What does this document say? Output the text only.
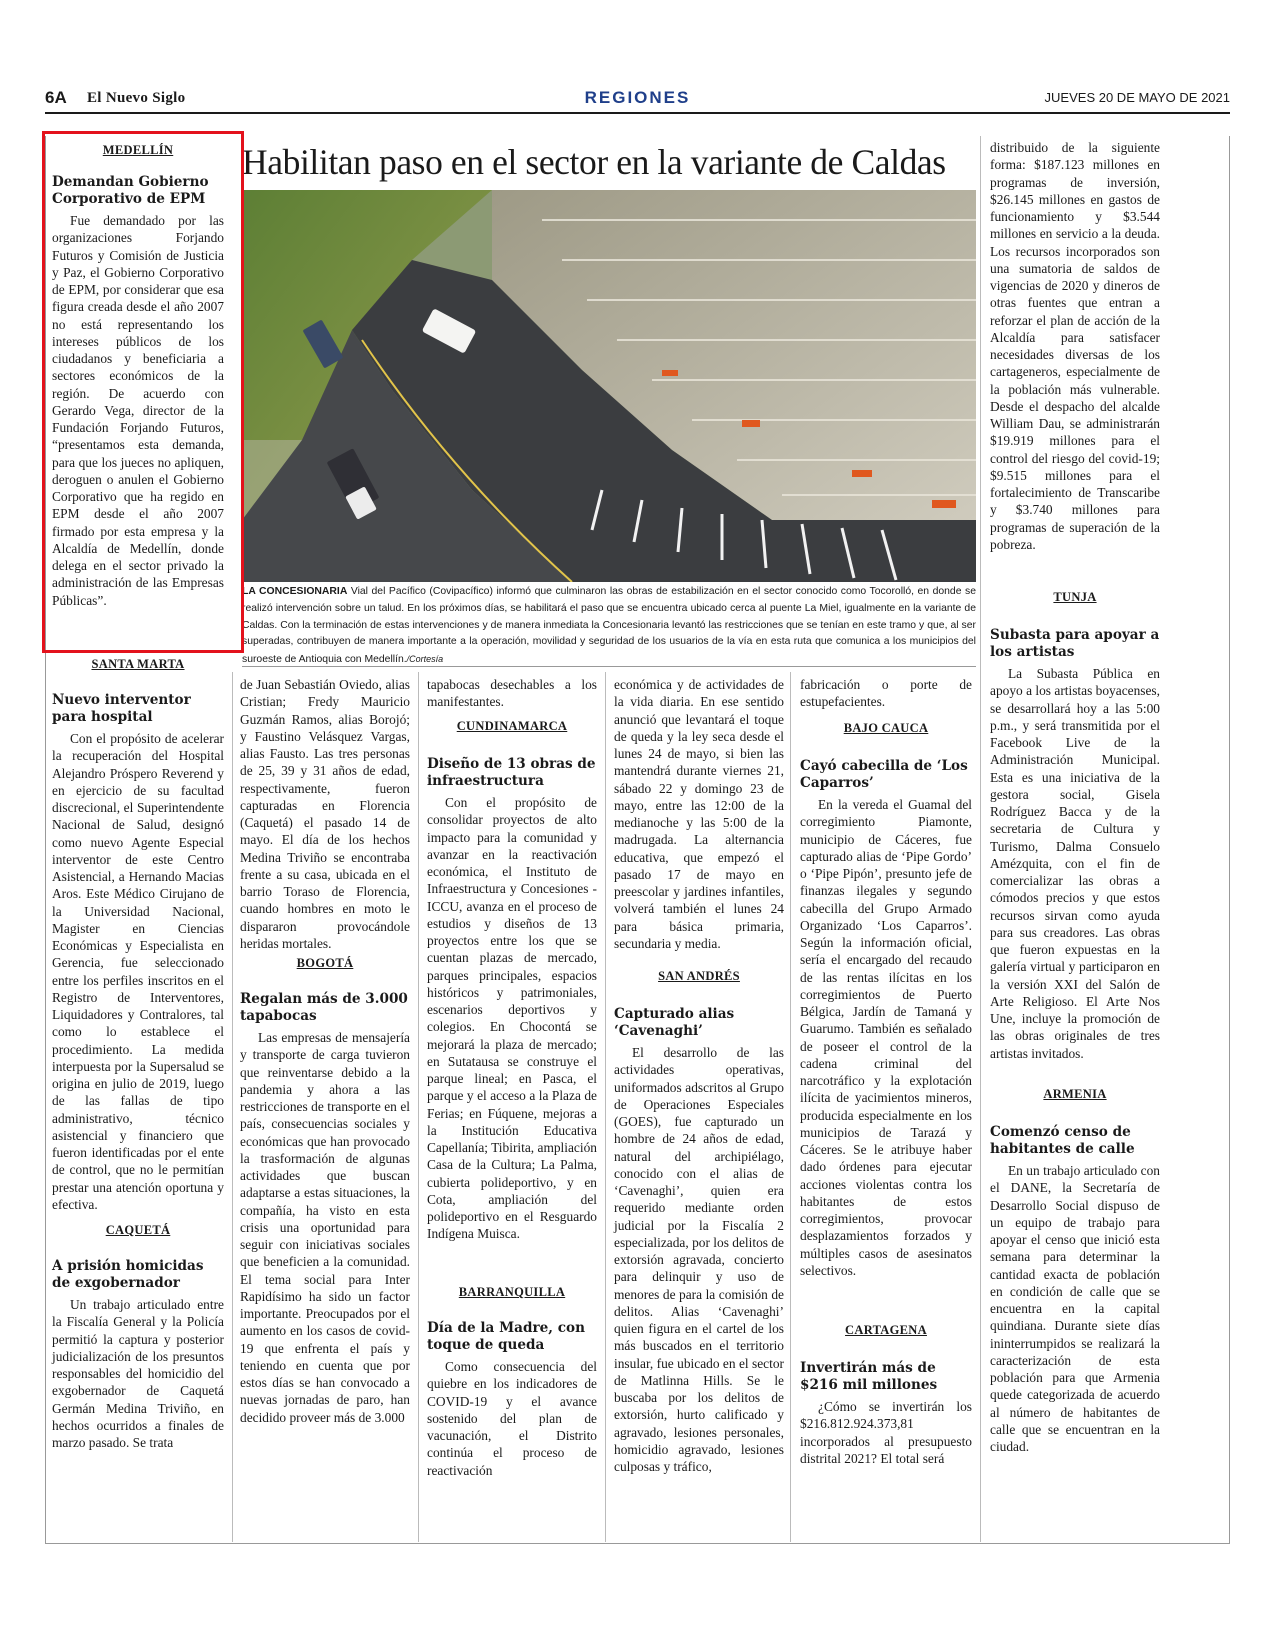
6A El Nuevo Siglo	REGIONES	JUEVES 20 DE MAYO DE 2021
Habilitan paso en el sector en la variante de Caldas
LA CONCESIONARIA Vial del Pacífico (Covipacífico) informó que culminaron las obras de estabilización en el sector conocido como Tocorolló, en donde se realizó intervención sobre un talud. En los próximos días, se habilitará el paso que se encuentra ubicado cerca al puente La Miel, igualmente en la variante de Caldas. Con la terminación de estas intervenciones y de manera inmediata la Concesionaria levantó las restricciones que se tenían en este tramo y que, al ser superadas, contribuyen de manera importante a la operación, movilidad y seguridad de los usuarios de la vía en esta ruta que comunica a los municipios del suroeste de Antioquia con Medellín./Cortesía
MEDELLÍN
Demandan Gobierno Corporativo de EPM
Fue demandado por las organizaciones Forjando Futuros y Comisión de Justicia y Paz, el Gobierno Corporativo de EPM, por considerar que esa figura creada desde el año 2007 no está representando los intereses públicos de los ciudadanos y beneficiaria a sectores económicos de la región. De acuerdo con Gerardo Vega, director de la Fundación Forjando Futuros, “presentamos esta demanda, para que los jueces no apliquen, deroguen o anulen el Gobierno Corporativo que ha regido en EPM desde el año 2007 firmado por esta empresa y la Alcaldía de Medellín, donde delega en el sector privado la administración de las Empresas Públicas”.
SANTA MARTA
Nuevo interventor para hospital
Con el propósito de acelerar la recuperación del Hospital Alejandro Próspero Reverend y en ejercicio de su facultad discrecional, el Superintendente Nacional de Salud, designó como nuevo Agente Especial interventor de este Centro Asistencial, a Hernando Macias Aros. Este Médico Cirujano de la Universidad Nacional, Magister en Ciencias Económicas y Especialista en Gerencia, fue seleccionado entre los perfiles inscritos en el Registro de Interventores, Liquidadores y Contralores, tal como lo establece el procedimiento. La medida interpuesta por la Supersalud se origina en julio de 2019, luego de las fallas de tipo administrativo, técnico asistencial y financiero que fueron identificadas por el ente de control, que no le permitían prestar una atención oportuna y efectiva.
CAQUETÁ
A prisión homicidas de exgobernador
Un trabajo articulado entre la Fiscalía General y la Policía permitió la captura y posterior judicialización de los presuntos responsables del homicidio del exgobernador de Caquetá Germán Medina Triviño, en hechos ocurridos a finales de marzo pasado. Se trata
de Juan Sebastián Oviedo, alias Cristian; Fredy Mauricio Guzmán Ramos, alias Borojó; y Faustino Velásquez Vargas, alias Fausto. Las tres personas de 25, 39 y 31 años de edad, respectivamente, fueron capturadas en Florencia (Caquetá) el pasado 14 de mayo. El día de los hechos Medina Triviño se encontraba frente a su casa, ubicada en el barrio Toraso de Florencia, cuando hombres en moto le dispararon provocándole heridas mortales.
BOGOTÁ
Regalan más de 3.000 tapabocas
Las empresas de mensajería y transporte de carga tuvieron que reinventarse debido a la pandemia y ahora a las restricciones de transporte en el país, consecuencias sociales y económicas que han provocado la trasformación de algunas actividades que buscan adaptarse a estas situaciones, la compañía, ha visto en esta crisis una oportunidad para seguir con iniciativas sociales que beneficien a la comunidad. El tema social para Inter Rapidísimo ha sido un factor importante. Preocupados por el aumento en los casos de covid-19 que enfrenta el país y teniendo en cuenta que por estos días se han convocado a nuevas jornadas de paro, han decidido proveer más de 3.000
tapabocas desechables a los manifestantes.
CUNDINAMARCA
Diseño de 13 obras de infraestructura
Con el propósito de consolidar proyectos de alto impacto para la comunidad y avanzar en la reactivación económica, el Instituto de Infraestructura y Concesiones - ICCU, avanza en el proceso de estudios y diseños de 13 proyectos entre los que se cuentan plazas de mercado, parques principales, espacios históricos y patrimoniales, escenarios deportivos y colegios. En Chocontá se mejorará la plaza de mercado; en Sutatausa se construye el parque lineal; en Pasca, el parque y el acceso a la Plaza de Ferias; en Fúquene, mejoras a la Institución Educativa Capellanía; Tibirita, ampliación Casa de la Cultura; La Palma, cubierta polideportivo, y en Cota, ampliación del polideportivo en el Resguardo Indígena Muisca.
BARRANQUILLA
Día de la Madre, con toque de queda
Como consecuencia del quiebre en los indicadores de COVID-19 y el avance sostenido del plan de vacunación, el Distrito continúa el proceso de reactivación
económica y de actividades de la vida diaria. En ese sentido anunció que levantará el toque de queda y la ley seca desde el lunes 24 de mayo, si bien las mantendrá durante viernes 21, sábado 22 y domingo 23 de mayo, entre las 12:00 de la medianoche y las 5:00 de la madrugada. La alternancia educativa, que empezó el pasado 17 de mayo en preescolar y jardines infantiles, volverá también el lunes 24 para básica primaria, secundaria y media.
SAN ANDRÉS
Capturado alias ‘Cavenaghi’
El desarrollo de las actividades operativas, uniformados adscritos al Grupo de Operaciones Especiales (GOES), fue capturado un hombre de 24 años de edad, natural del archipiélago, conocido con el alias de ‘Cavenaghi’, quien era requerido mediante orden judicial por la Fiscalía 2 especializada, por los delitos de extorsión agravada, concierto para delinquir y uso de menores de para la comisión de delitos. Alias ‘Cavenaghi’ quien figura en el cartel de los más buscados en el territorio insular, fue ubicado en el sector de Matlinna Hills. Se le buscaba por los delitos de extorsión, hurto calificado y agravado, lesiones personales, homicidio agravado, lesiones culposas y tráfico,
fabricación o porte de estupefacientes.
BAJO CAUCA
Cayó cabecilla de ‘Los Caparros’
En la vereda el Guamal del corregimiento Piamonte, municipio de Cáceres, fue capturado alias de ‘Pipe Gordo’ o ‘Pipe Pipón’, presunto jefe de finanzas ilegales y segundo cabecilla del Grupo Armado Organizado ‘Los Caparros’. Según la información oficial, sería el encargado del recaudo de las rentas ilícitas en los corregimientos de Puerto Bélgica, Jardín de Tamaná y Guarumo. También es señalado de poseer el control de la cadena criminal del narcotráfico y la explotación ilícita de yacimientos mineros, producida especialmente en los municipios de Tarazá y Cáceres. Se le atribuye haber dado órdenes para ejecutar acciones violentas contra los habitantes de estos corregimientos, provocar desplazamientos forzados y múltiples casos de asesinatos selectivos.
CARTAGENA
Invertirán más de $216 mil millones
¿Cómo se invertirán los $216.812.924.373,81 incorporados al presupuesto distrital 2021? El total será
distribuido de la siguiente forma: $187.123 millones en programas de inversión, $26.145 millones en gastos de funcionamiento y $3.544 millones en servicio a la deuda. Los recursos incorporados son una sumatoria de saldos de vigencias de 2020 y dineros de otras fuentes que entran a reforzar el plan de acción de la Alcaldía para satisfacer necesidades diversas de los cartageneros, especialmente de la población más vulnerable. Desde el despacho del alcalde William Dau, se administrarán $19.919 millones para el control del riesgo del covid-19; $9.515 millones para el fortalecimiento de Transcaribe y $3.740 millones para programas de superación de la pobreza.
TUNJA
Subasta para apoyar a los artistas
La Subasta Pública en apoyo a los artistas boyacenses, se desarrollará hoy a las 5:00 p.m., y será transmitida por el Facebook Live de la Administración Municipal. Esta es una iniciativa de la gestora social, Gisela Rodríguez Bacca y de la secretaria de Cultura y Turismo, Dalma Consuelo Amézquita, con el fin de comercializar las obras a cómodos precios y que estos recursos sirvan como ayuda para sus creadores. Las obras que fueron expuestas en la galería virtual y participaron en la versión XXI del Salón de Arte Religioso. El Arte Nos Une, incluye la promoción de las obras originales de tres artistas invitados.
ARMENIA
Comenzó censo de habitantes de calle
En un trabajo articulado con el DANE, la Secretaría de Desarrollo Social dispuso de un equipo de trabajo para apoyar el censo que inició esta semana para determinar la cantidad exacta de población en condición de calle que se encuentra en la capital quindiana. Durante siete días ininterrumpidos se realizará la caracterización de esta población para que Armenia quede categorizada de acuerdo al número de habitantes de calle que se encuentran en la ciudad.
